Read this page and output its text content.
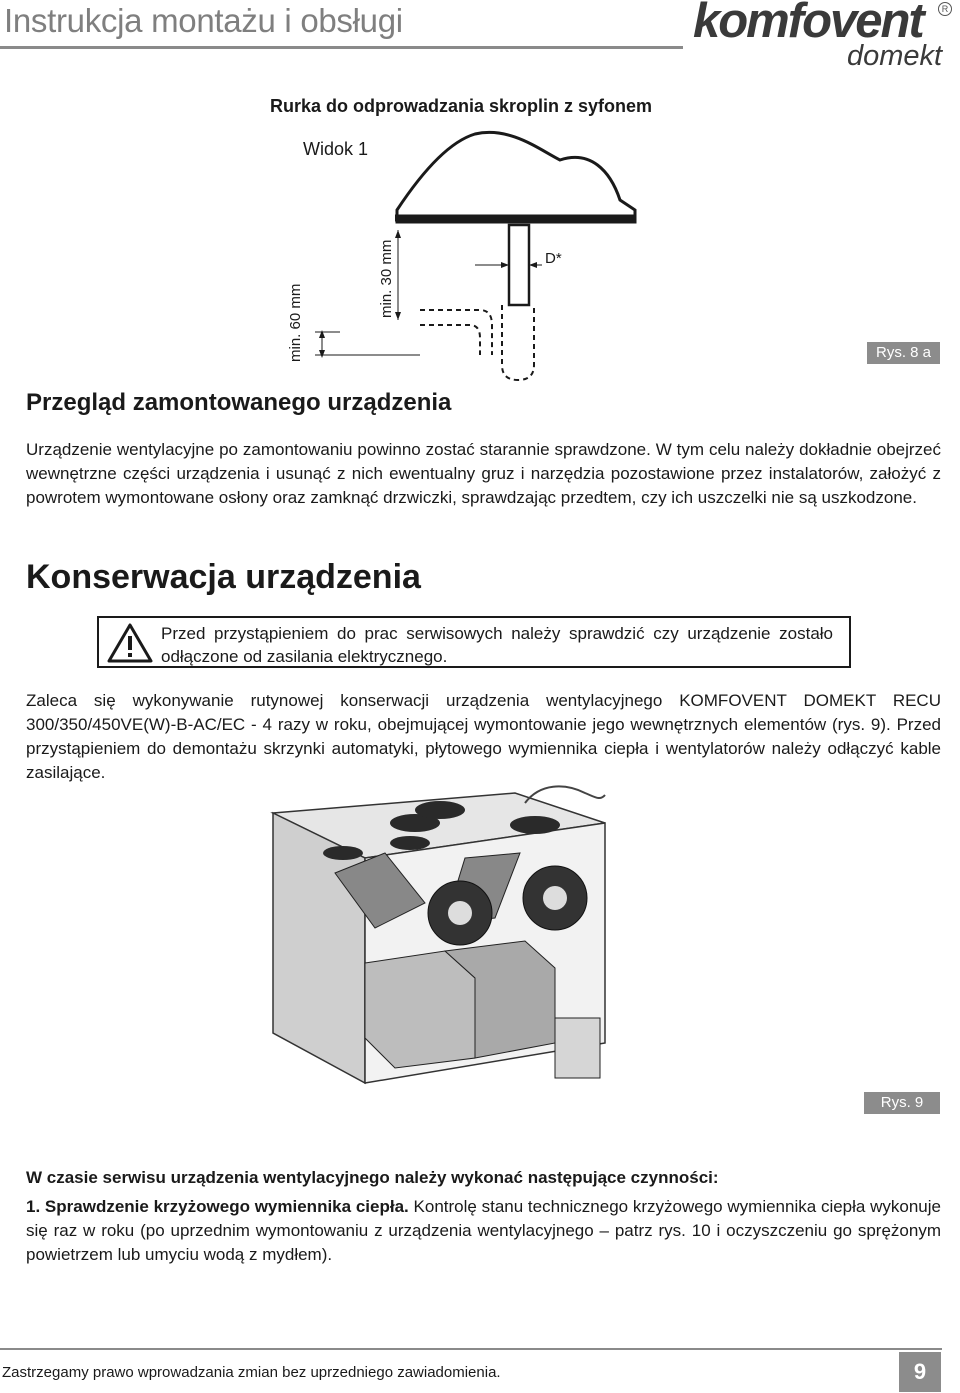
Instrukcja montażu i obsługi	komfovent	R
domekt
Rurka do odprowadzania skroplin z syfonem
Widok 1
min. 60 mm
min. 30 mm	D*
Rys. 8 a
Przegląd zamontowanego urządzenia
Urządzenie wentylacyjne po zamontowaniu powinno zostać starannie sprawdzone. W tym celu należy dokładnie obejrzeć wewnętrzne części urządzenia i usunąć z nich ewentualny gruz i narzędzia pozostawione przez instalatorów, założyć z powrotem wymontowane osłony oraz zamknąć drzwiczki, sprawdzając przedtem, czy ich uszczelki nie są uszkodzone.
Konserwacja urządzenia
Przed przystąpieniem do prac serwisowych należy sprawdzić czy urządzenie zostało odłączone od zasilania elektrycznego.
Zaleca się wykonywanie rutynowej konserwacji urządzenia wentylacyjnego KOMFOVENT DOMEKT RECU 300/350/450VE(W)-B-AC/EC - 4 razy w roku, obejmującej wymontowanie jego wewnętrznych elementów (rys. 9). Przed przystąpieniem do demontażu skrzynki automatyki, płytowego wymiennika ciepła i wentylatorów należy odłączyć kable zasilające.
Rys. 9
W czasie serwisu urządzenia wentylacyjnego należy wykonać następujące czynności:
1. Sprawdzenie krzyżowego wymiennika ciepła. Kontrolę stanu technicznego krzyżowego wymiennika ciepła wykonuje się raz w roku (po uprzednim wymontowaniu z urządzenia wentylacyjnego – patrz rys. 10 i oczyszczeniu go sprężonym powietrzem lub umyciu wodą z mydłem).
Zastrzegamy prawo wprowadzania zmian bez uprzedniego zawiadomienia.	9
